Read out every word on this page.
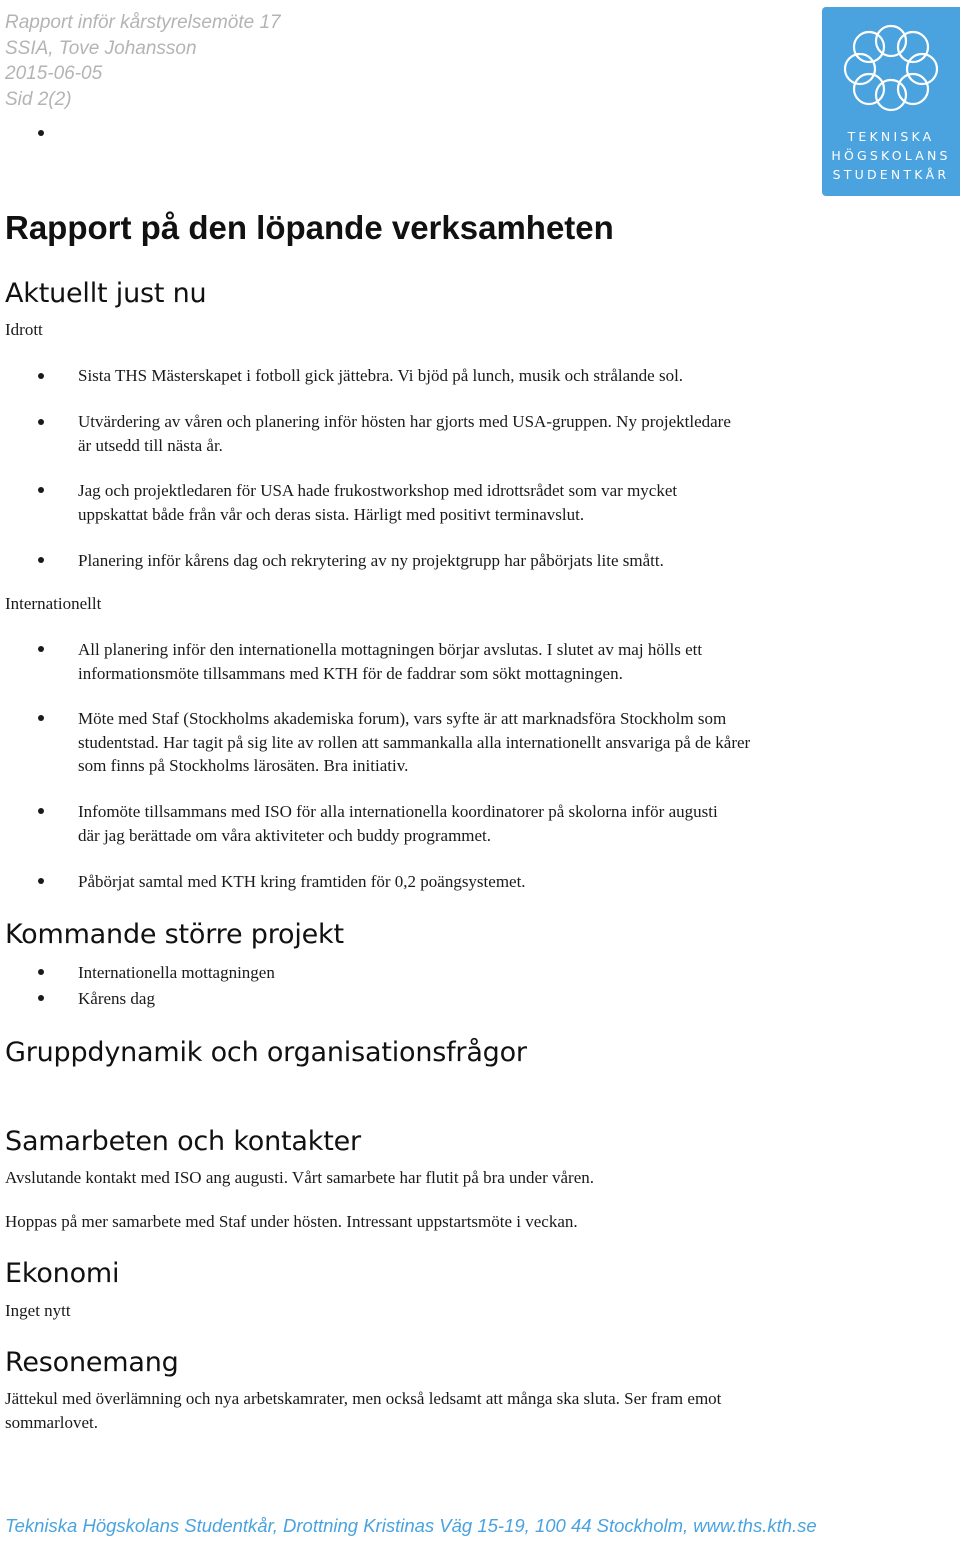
Rapport inför kårstyrelsemöte 17
SSIA, Tove Johansson
2015-06-05
Sid 2(2)
TEKNISKA
HÖGSKOLANS
STUDENTKÅR
Rapport på den löpande verksamheten
Aktuellt just nu
Idrott
Sista THS Mästerskapet i fotboll gick jättebra. Vi bjöd på lunch, musik och strålande sol.
Utvärdering av våren och planering inför hösten har gjorts med USA-gruppen. Ny projektledare
är utsedd till nästa år.
Jag och projektledaren för USA hade frukostworkshop med idrottsrådet som var mycket
uppskattat både från vår och deras sista. Härligt med positivt terminavslut.
Planering inför kårens dag och rekrytering av ny projektgrupp har påbörjats lite smått.
Internationellt
All planering inför den internationella mottagningen börjar avslutas. I slutet av maj hölls ett
informationsmöte tillsammans med KTH för de faddrar som sökt mottagningen.
Möte med Staf (Stockholms akademiska forum), vars syfte är att marknadsföra Stockholm som
studentstad. Har tagit på sig lite av rollen att sammankalla alla internationellt ansvariga på de kårer
som finns på Stockholms lärosäten. Bra initiativ.
Infomöte tillsammans med ISO för alla internationella koordinatorer på skolorna inför augusti
där jag berättade om våra aktiviteter och buddy programmet.
Påbörjat samtal med KTH kring framtiden för 0,2 poängsystemet.
Kommande större projekt
Internationella mottagningen
Kårens dag
Gruppdynamik och organisationsfrågor
Samarbeten och kontakter
Avslutande kontakt med ISO ang augusti. Vårt samarbete har flutit på bra under våren.
Hoppas på mer samarbete med Staf under hösten. Intressant uppstartsmöte i veckan.
Ekonomi
Inget nytt
Resonemang
Jättekul med överlämning och nya arbetskamrater, men också ledsamt att många ska sluta. Ser fram emot
sommarlovet.
Tekniska Högskolans Studentkår, Drottning Kristinas Väg 15-19, 100 44 Stockholm, www.ths.kth.se
